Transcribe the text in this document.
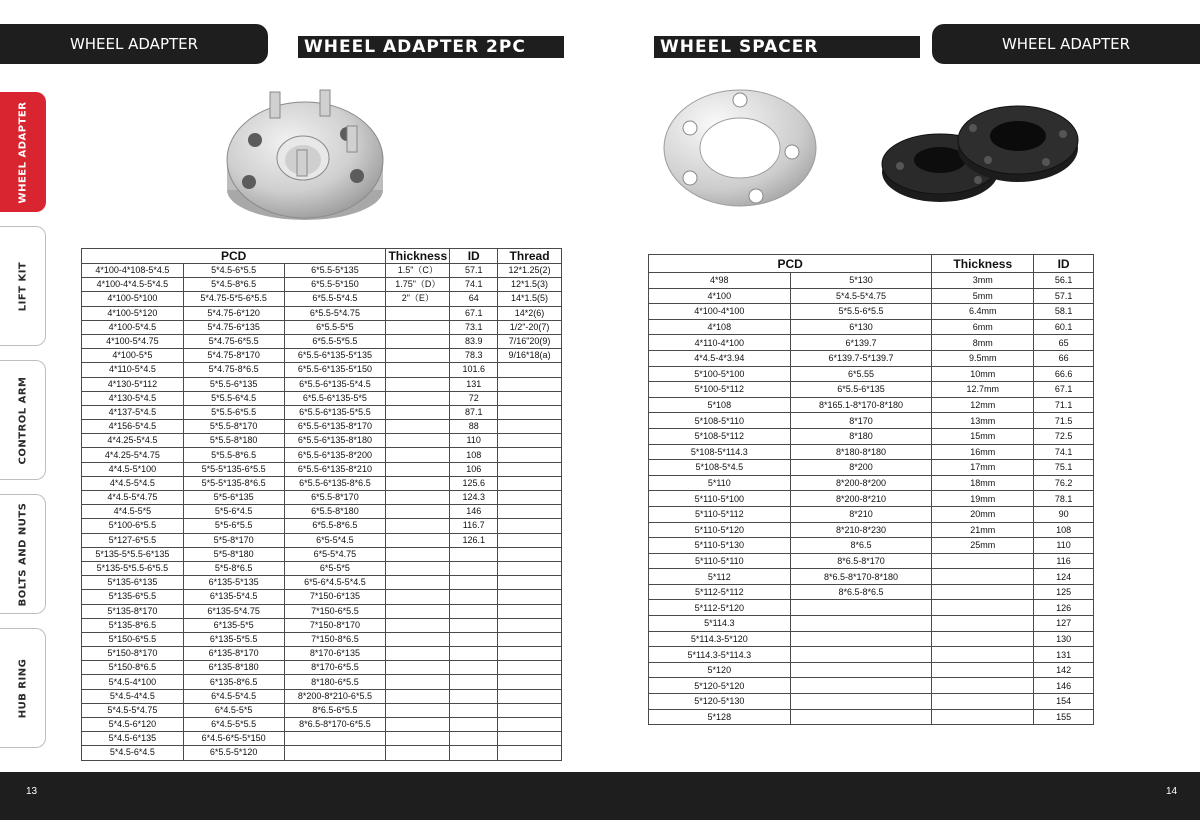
WHEEL ADAPTER	WHEEL ADAPTER 2PC	WHEEL SPACER	WHEEL ADAPTER
WHEEL ADAPTER
LIFT KIT
CONTROL ARM
BOLTS AND NUTS
HUB RING
PCD			Thickness	ID	Thread
4*100-4*108-5*4.5	5*4.5-6*5.5	6*5.5-5*135	1.5"（C）	57.1	12*1.25(2)
4*100-4*4.5-5*4.5	5*4.5-8*6.5	6*5.5-5*150	1.75"（D）	74.1	12*1.5(3)
4*100-5*100	5*4.75-5*5-6*5.5	6*5.5-5*4.5	2"（E）	64	14*1.5(5)
4*100-5*120	5*4.75-6*120	6*5.5-5*4.75		67.1	14*2(6)
4*100-5*4.5	5*4.75-6*135	6*5.5-5*5		73.1	1/2"-20(7)
4*100-5*4.75	5*4.75-6*5.5	6*5.5-5*5.5		83.9	7/16"20(9)
4*100-5*5	5*4.75-8*170	6*5.5-6*135-5*135		78.3	9/16*18(a)
4*110-5*4.5	5*4.75-8*6.5	6*5.5-6*135-5*150		101.6	
4*130-5*112	5*5.5-6*135	6*5.5-6*135-5*4.5		131	
4*130-5*4.5	5*5.5-6*4.5	6*5.5-6*135-5*5		72	
4*137-5*4.5	5*5.5-6*5.5	6*5.5-6*135-5*5.5		87.1	
4*156-5*4.5	5*5.5-8*170	6*5.5-6*135-8*170		88	
4*4.25-5*4.5	5*5.5-8*180	6*5.5-6*135-8*180		110	
4*4.25-5*4.75	5*5.5-8*6.5	6*5.5-6*135-8*200		108	
4*4.5-5*100	5*5-5*135-6*5.5	6*5.5-6*135-8*210		106	
4*4.5-5*4.5	5*5-5*135-8*6.5	6*5.5-6*135-8*6.5		125.6	
4*4.5-5*4.75	5*5-6*135	6*5.5-8*170		124.3	
4*4.5-5*5	5*5-6*4.5	6*5.5-8*180		146	
5*100-6*5.5	5*5-6*5.5	6*5.5-8*6.5		116.7	
5*127-6*5.5	5*5-8*170	6*5-5*4.5		126.1	
5*135-5*5.5-6*135	5*5-8*180	6*5-5*4.75			
5*135-5*5.5-6*5.5	5*5-8*6.5	6*5-5*5			
5*135-6*135	6*135-5*135	6*5-6*4.5-5*4.5			
5*135-6*5.5	6*135-5*4.5	7*150-6*135			
5*135-8*170	6*135-5*4.75	7*150-6*5.5			
5*135-8*6.5	6*135-5*5	7*150-8*170			
5*150-6*5.5	6*135-5*5.5	7*150-8*6.5			
5*150-8*170	6*135-8*170	8*170-6*135			
5*150-8*6.5	6*135-8*180	8*170-6*5.5			
5*4.5-4*100	6*135-8*6.5	8*180-6*5.5			
5*4.5-4*4.5	6*4.5-5*4.5	8*200-8*210-6*5.5			
5*4.5-5*4.75	6*4.5-5*5	8*6.5-6*5.5			
5*4.5-6*120	6*4.5-5*5.5	8*6.5-8*170-6*5.5			
5*4.5-6*135	6*4.5-6*5-5*150				
5*4.5-6*4.5	6*5.5-5*120				
PCD		Thickness	ID
4*98	5*130	3mm	56.1
4*100	5*4.5-5*4.75	5mm	57.1
4*100-4*100	5*5.5-6*5.5	6.4mm	58.1
4*108	6*130	6mm	60.1
4*110-4*100	6*139.7	8mm	65
4*4.5-4*3.94	6*139.7-5*139.7	9.5mm	66
5*100-5*100	6*5.55	10mm	66.6
5*100-5*112	6*5.5-6*135	12.7mm	67.1
5*108	8*165.1-8*170-8*180	12mm	71.1
5*108-5*110	8*170	13mm	71.5
5*108-5*112	8*180	15mm	72.5
5*108-5*114.3	8*180-8*180	16mm	74.1
5*108-5*4.5	8*200	17mm	75.1
5*110	8*200-8*200	18mm	76.2
5*110-5*100	8*200-8*210	19mm	78.1
5*110-5*112	8*210	20mm	90
5*110-5*120	8*210-8*230	21mm	108
5*110-5*130	8*6.5	25mm	110
5*110-5*110	8*6.5-8*170		116
5*112	8*6.5-8*170-8*180		124
5*112-5*112	8*6.5-8*6.5		125
5*112-5*120			126
5*114.3			127
5*114.3-5*120			130
5*114.3-5*114.3			131
5*120			142
5*120-5*120			146
5*120-5*130			154
5*128			155
13	14
